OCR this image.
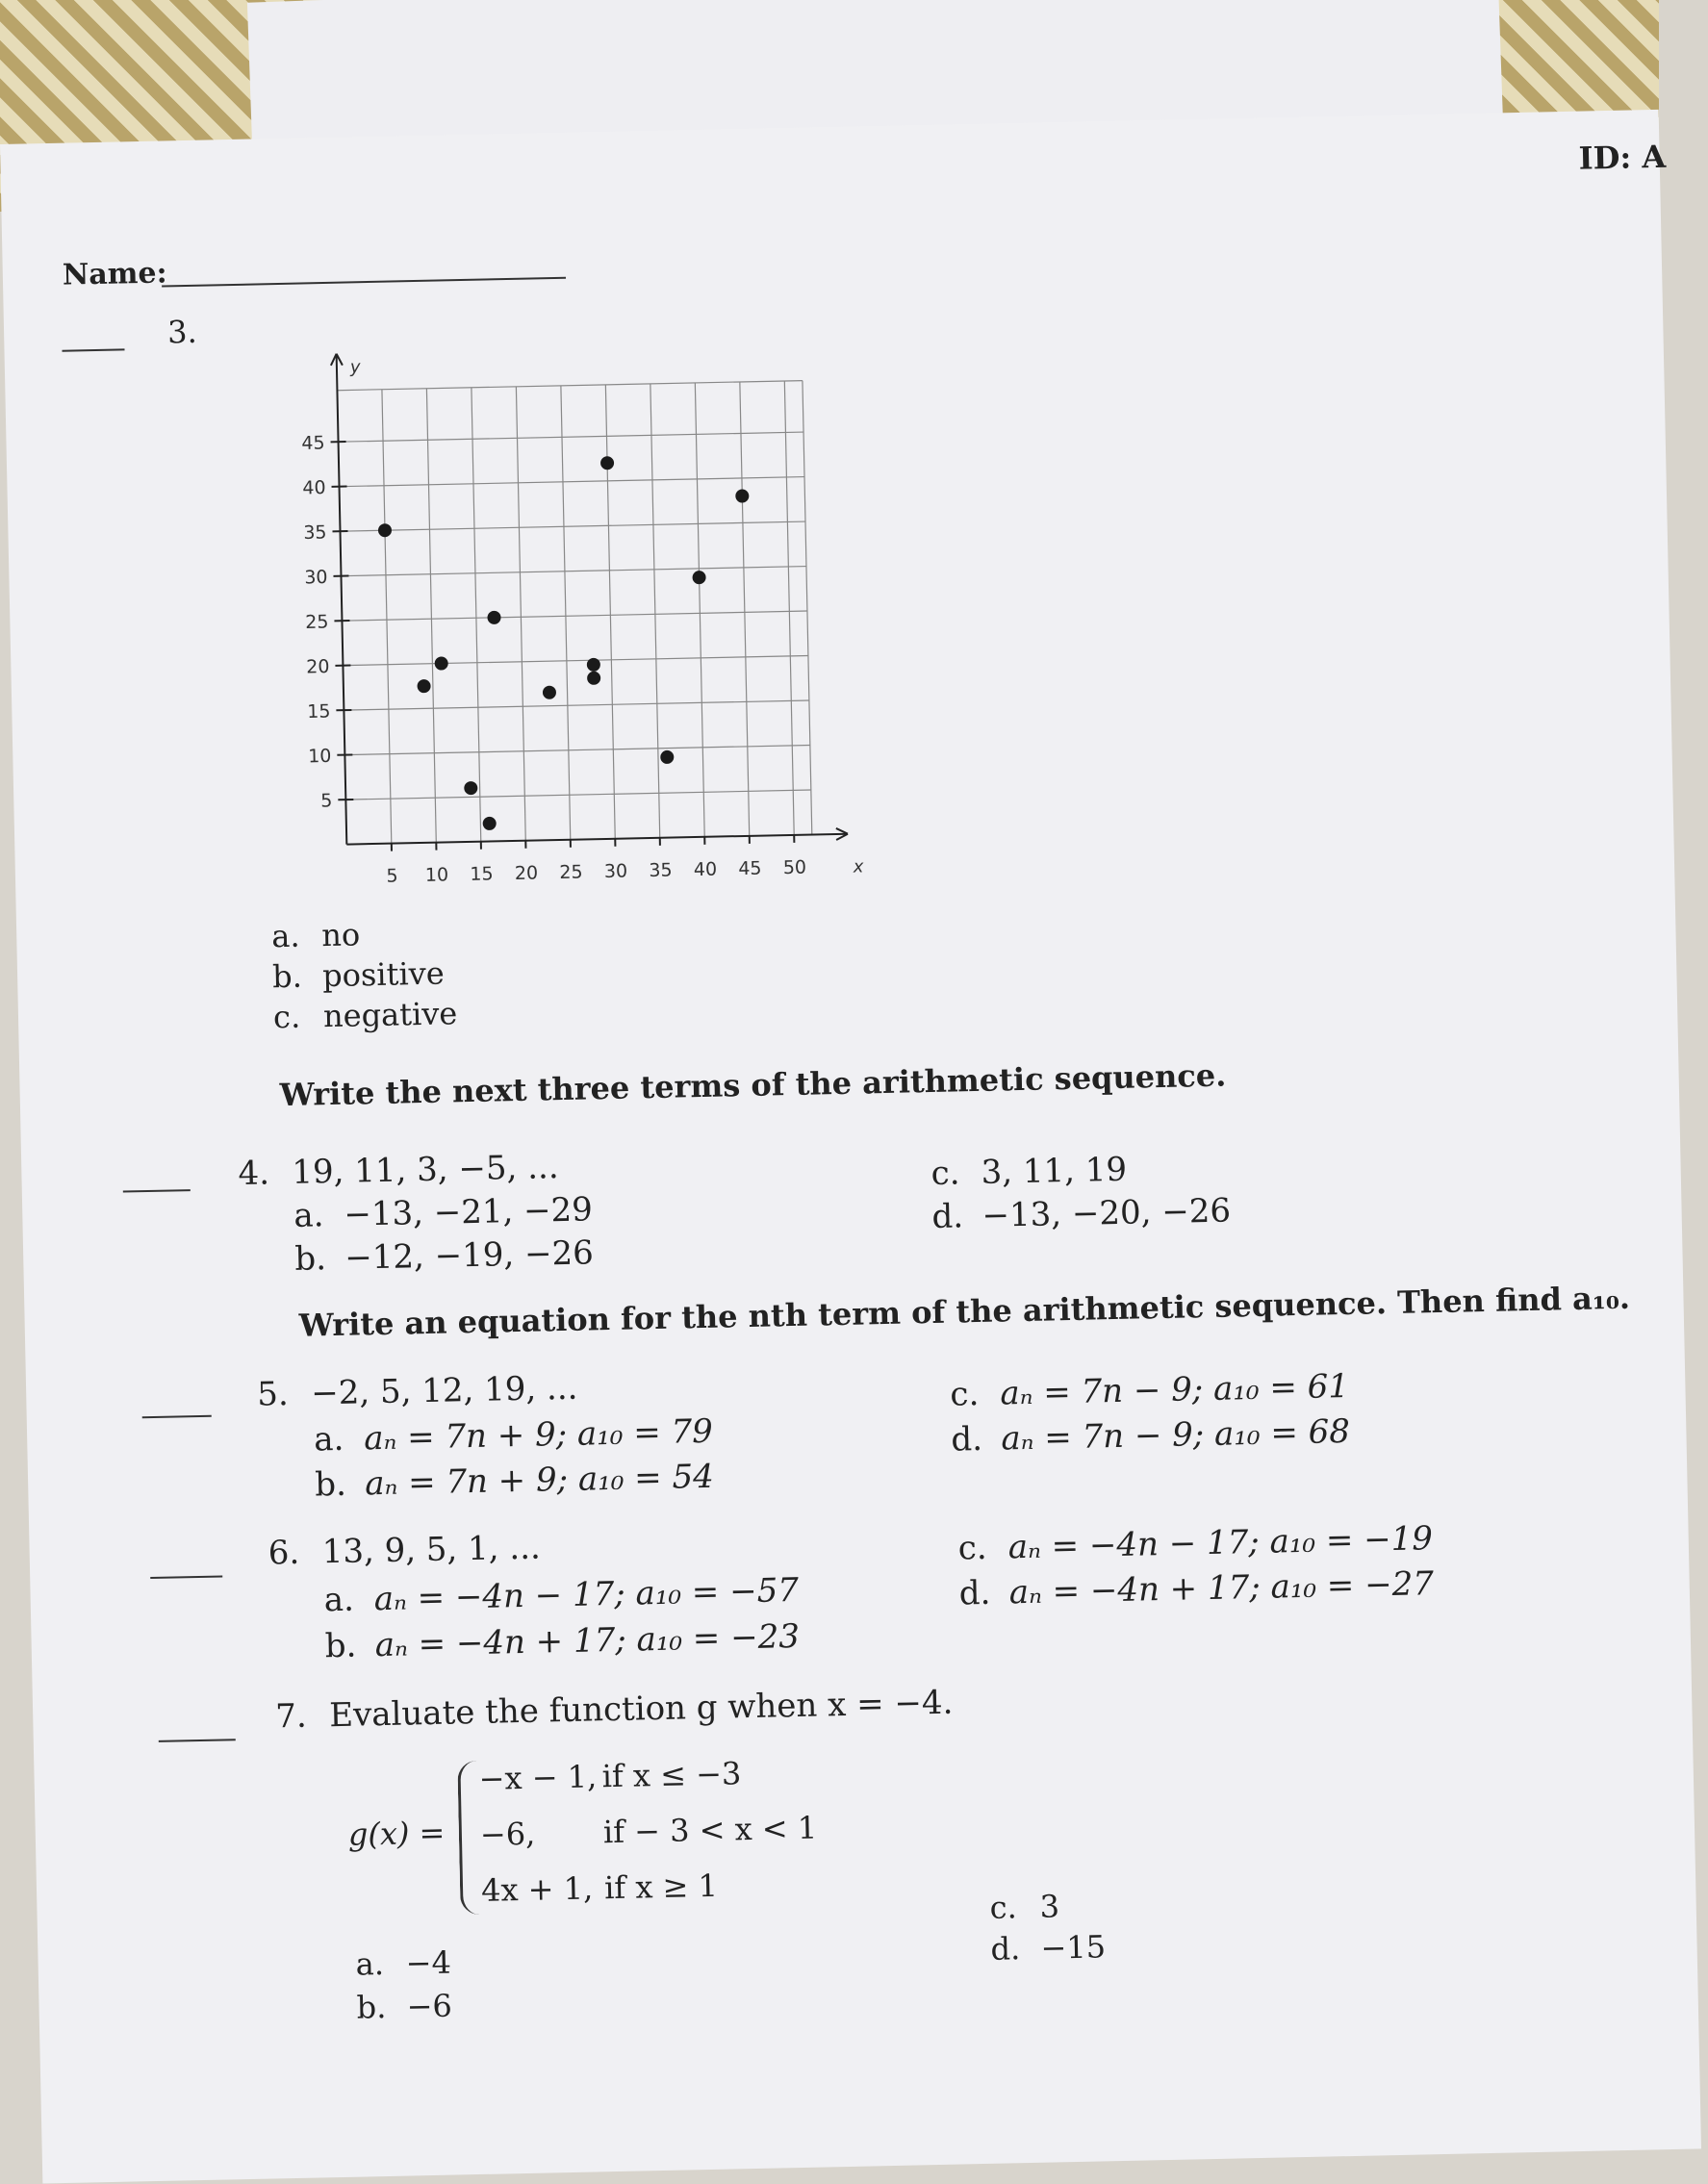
ID: A
Name:
3.
5 10 15 20 25 30 35 40 45 50
5
10
15
20
25
30
35
40
45
x
y
a. no
b. positive
c. negative
Write the next three terms of the arithmetic sequence.
4. 19, 11, 3, −5, ...
a. −13, −21, −29
b. −12, −19, −26
c. 3, 11, 19
d. −13, −20, −26
Write an equation for the nth term of the arithmetic sequence. Then find a₁₀.
5. −2, 5, 12, 19, ...
a. aₙ = 7n + 9; a₁₀ = 79
b. aₙ = 7n + 9; a₁₀ = 54
c. aₙ = 7n − 9; a₁₀ = 61
d. aₙ = 7n − 9; a₁₀ = 68
6. 13, 9, 5, 1, ...
a. aₙ = −4n − 17; a₁₀ = −57
b. aₙ = −4n + 17; a₁₀ = −23
c. aₙ = −4n − 17; a₁₀ = −19
d. aₙ = −4n + 17; a₁₀ = −27
7. Evaluate the function g when x = −4.
g(x) =
−x − 1, if x ≤ −3
−6, if − 3 < x < 1
4x + 1, if x ≥ 1
a. −4
b. −6
c. 3
d. −15
